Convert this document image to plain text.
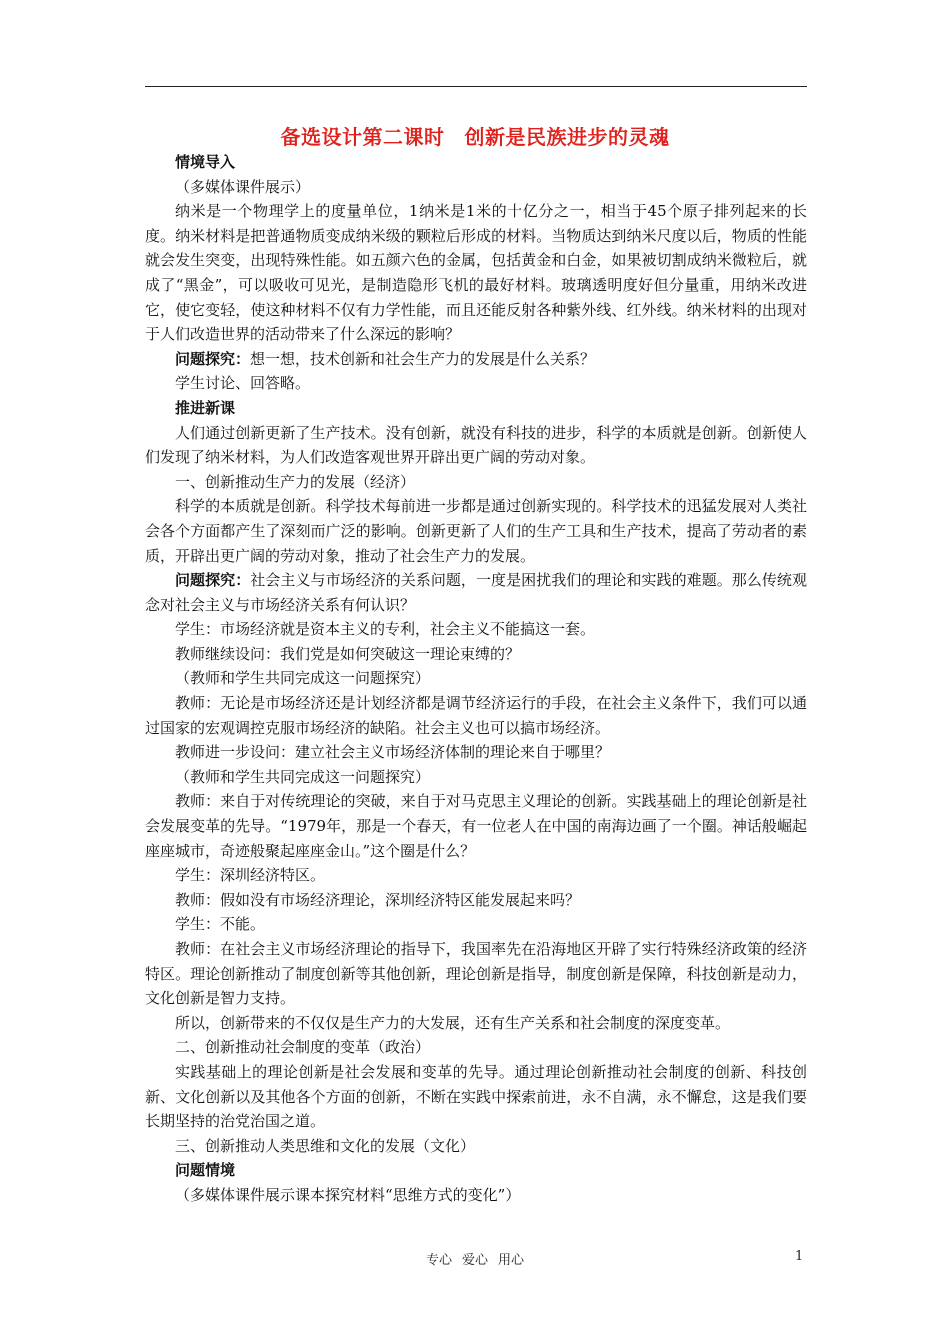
备选设计第二课时 创新是民族进步的灵魂

情境导入

（多媒体课件展示）

纳米是一个物理学上的度量单位，1纳米是1米的十亿分之一，相当于45个原子排列起来的长度。纳米材料是把普通物质变成纳米级的颗粒后形成的材料。当物质达到纳米尺度以后，物质的性能就会发生突变，出现特殊性能。如五颜六色的金属，包括黄金和白金，如果被切割成纳米微粒后，就成了“黑金”，可以吸收可见光，是制造隐形飞机的最好材料。玻璃透明度好但分量重，用纳米改进它，使它变轻，使这种材料不仅有力学性能，而且还能反射各种紫外线、红外线。纳米材料的出现对于人们改造世界的活动带来了什么深远的影响？

问题探究：想一想，技术创新和社会生产力的发展是什么关系？

学生讨论、回答略。

推进新课

人们通过创新更新了生产技术。没有创新，就没有科技的进步，科学的本质就是创新。创新使人们发现了纳米材料，为人们改造客观世界开辟出更广阔的劳动对象。

一、创新推动生产力的发展（经济）

科学的本质就是创新。科学技术每前进一步都是通过创新实现的。科学技术的迅猛发展对人类社会各个方面都产生了深刻而广泛的影响。创新更新了人们的生产工具和生产技术，提高了劳动者的素质，开辟出更广阔的劳动对象，推动了社会生产力的发展。

问题探究：社会主义与市场经济的关系问题，一度是困扰我们的理论和实践的难题。那么传统观念对社会主义与市场经济关系有何认识？

学生：市场经济就是资本主义的专利，社会主义不能搞这一套。

教师继续设问：我们党是如何突破这一理论束缚的？

（教师和学生共同完成这一问题探究）

教师：无论是市场经济还是计划经济都是调节经济运行的手段，在社会主义条件下，我们可以通过国家的宏观调控克服市场经济的缺陷。社会主义也可以搞市场经济。

教师进一步设问：建立社会主义市场经济体制的理论来自于哪里？

（教师和学生共同完成这一问题探究）

教师：来自于对传统理论的突破，来自于对马克思主义理论的创新。实践基础上的理论创新是社会发展变革的先导。“1979年，那是一个春天，有一位老人在中国的南海边画了一个圈。神话般崛起座座城市，奇迹般聚起座座金山。”这个圈是什么？

学生：深圳经济特区。

教师：假如没有市场经济理论，深圳经济特区能发展起来吗？

学生：不能。

教师：在社会主义市场经济理论的指导下，我国率先在沿海地区开辟了实行特殊经济政策的经济特区。理论创新推动了制度创新等其他创新，理论创新是指导，制度创新是保障，科技创新是动力，文化创新是智力支持。

所以，创新带来的不仅仅是生产力的大发展，还有生产关系和社会制度的深度变革。

二、创新推动社会制度的变革（政治）

实践基础上的理论创新是社会发展和变革的先导。通过理论创新推动社会制度的创新、科技创新、文化创新以及其他各个方面的创新，不断在实践中探索前进，永不自满，永不懈怠，这是我们要长期坚持的治党治国之道。

三、创新推动人类思维和文化的发展（文化）

问题情境

（多媒体课件展示课本探究材料“思维方式的变化”）

专心 爱心 用心	1
